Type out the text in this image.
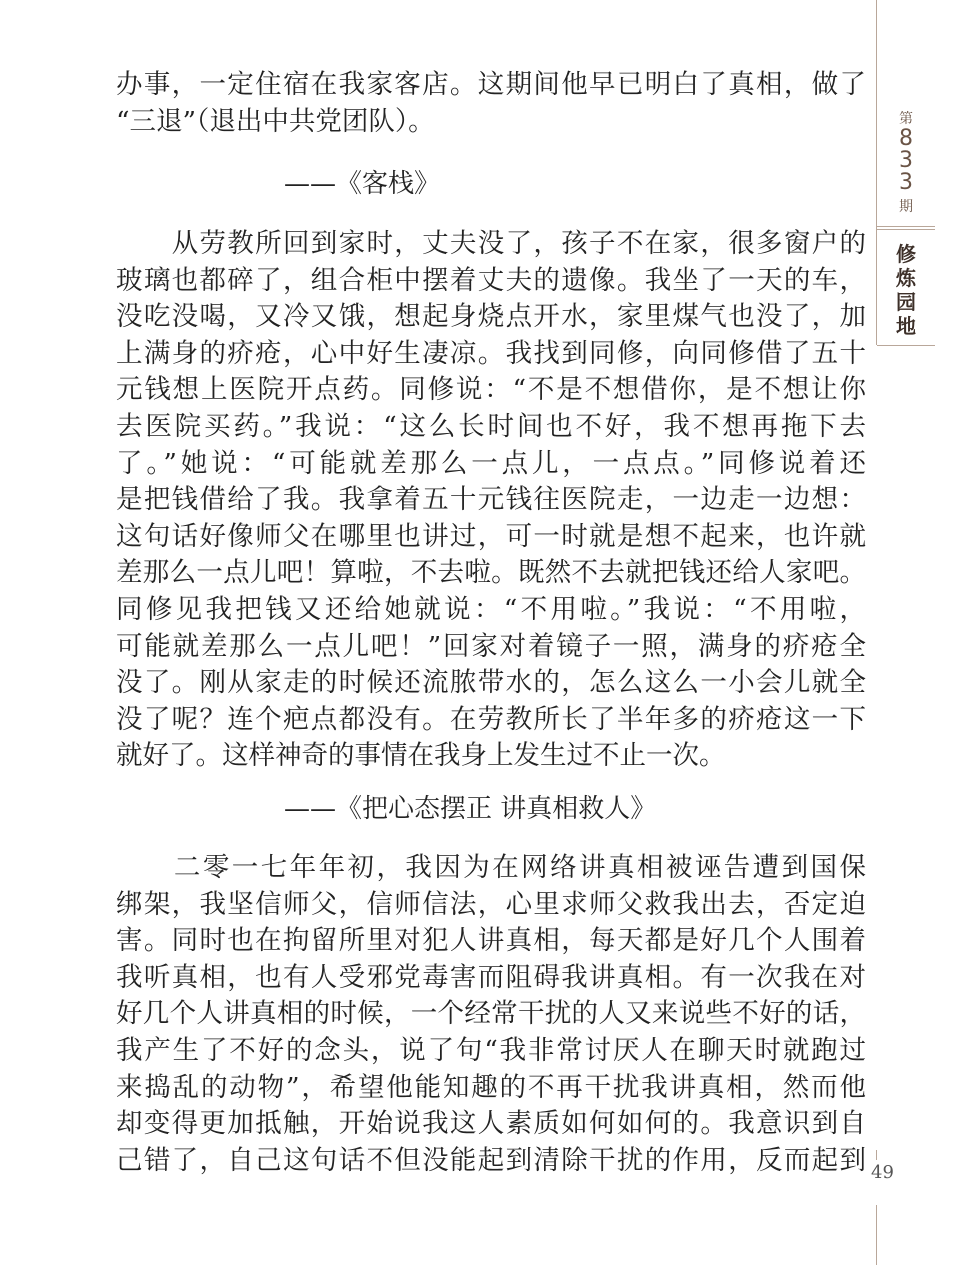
办事，一定住宿在我家客店。这期间他早已明白了真相，做了
“三退”（退出中共党团队）。
——《客栈》
　　从劳教所回到家时，丈夫没了，孩子不在家，很多窗户的
玻璃也都碎了，组合柜中摆着丈夫的遗像。我坐了一天的车，
没吃没喝，又冷又饿，想起身烧点开水，家里煤气也没了，加
上满身的疥疮，心中好生凄凉。我找到同修，向同修借了五十
元钱想上医院开点药。同修说：“不是不想借你，是不想让你
去医院买药。”我说：“这么长时间也不好，我不想再拖下去
了。”她说：“可能就差那么一点儿，一点点。”同修说着还
是把钱借给了我。我拿着五十元钱往医院走，一边走一边想：
这句话好像师父在哪里也讲过，可一时就是想不起来，也许就
差那么一点儿吧！算啦，不去啦。既然不去就把钱还给人家吧。
同修见我把钱又还给她就说：“不用啦。”我说：“不用啦，
可能就差那么一点儿吧！”回家对着镜子一照，满身的疥疮全
没了。刚从家走的时候还流脓带水的，怎么这么一小会儿就全
没了呢？连个疤点都没有。在劳教所长了半年多的疥疮这一下
就好了。这样神奇的事情在我身上发生过不止一次。
——《把心态摆正 讲真相救人》
　　二零一七年年初，我因为在网络讲真相被诬告遭到国保
绑架，我坚信师父，信师信法，心里求师父救我出去，否定迫
害。同时也在拘留所里对犯人讲真相，每天都是好几个人围着
我听真相，也有人受邪党毒害而阻碍我讲真相。有一次我在对
好几个人讲真相的时候，一个经常干扰的人又来说些不好的话，
我产生了不好的念头，说了句“我非常讨厌人在聊天时就跑过
来捣乱的动物”，希望他能知趣的不再干扰我讲真相，然而他
却变得更加抵触，开始说我这人素质如何如何的。我意识到自
己错了，自己这句话不但没能起到清除干扰的作用，反而起到
第
8
3
3
期
修
炼
园
地
49
